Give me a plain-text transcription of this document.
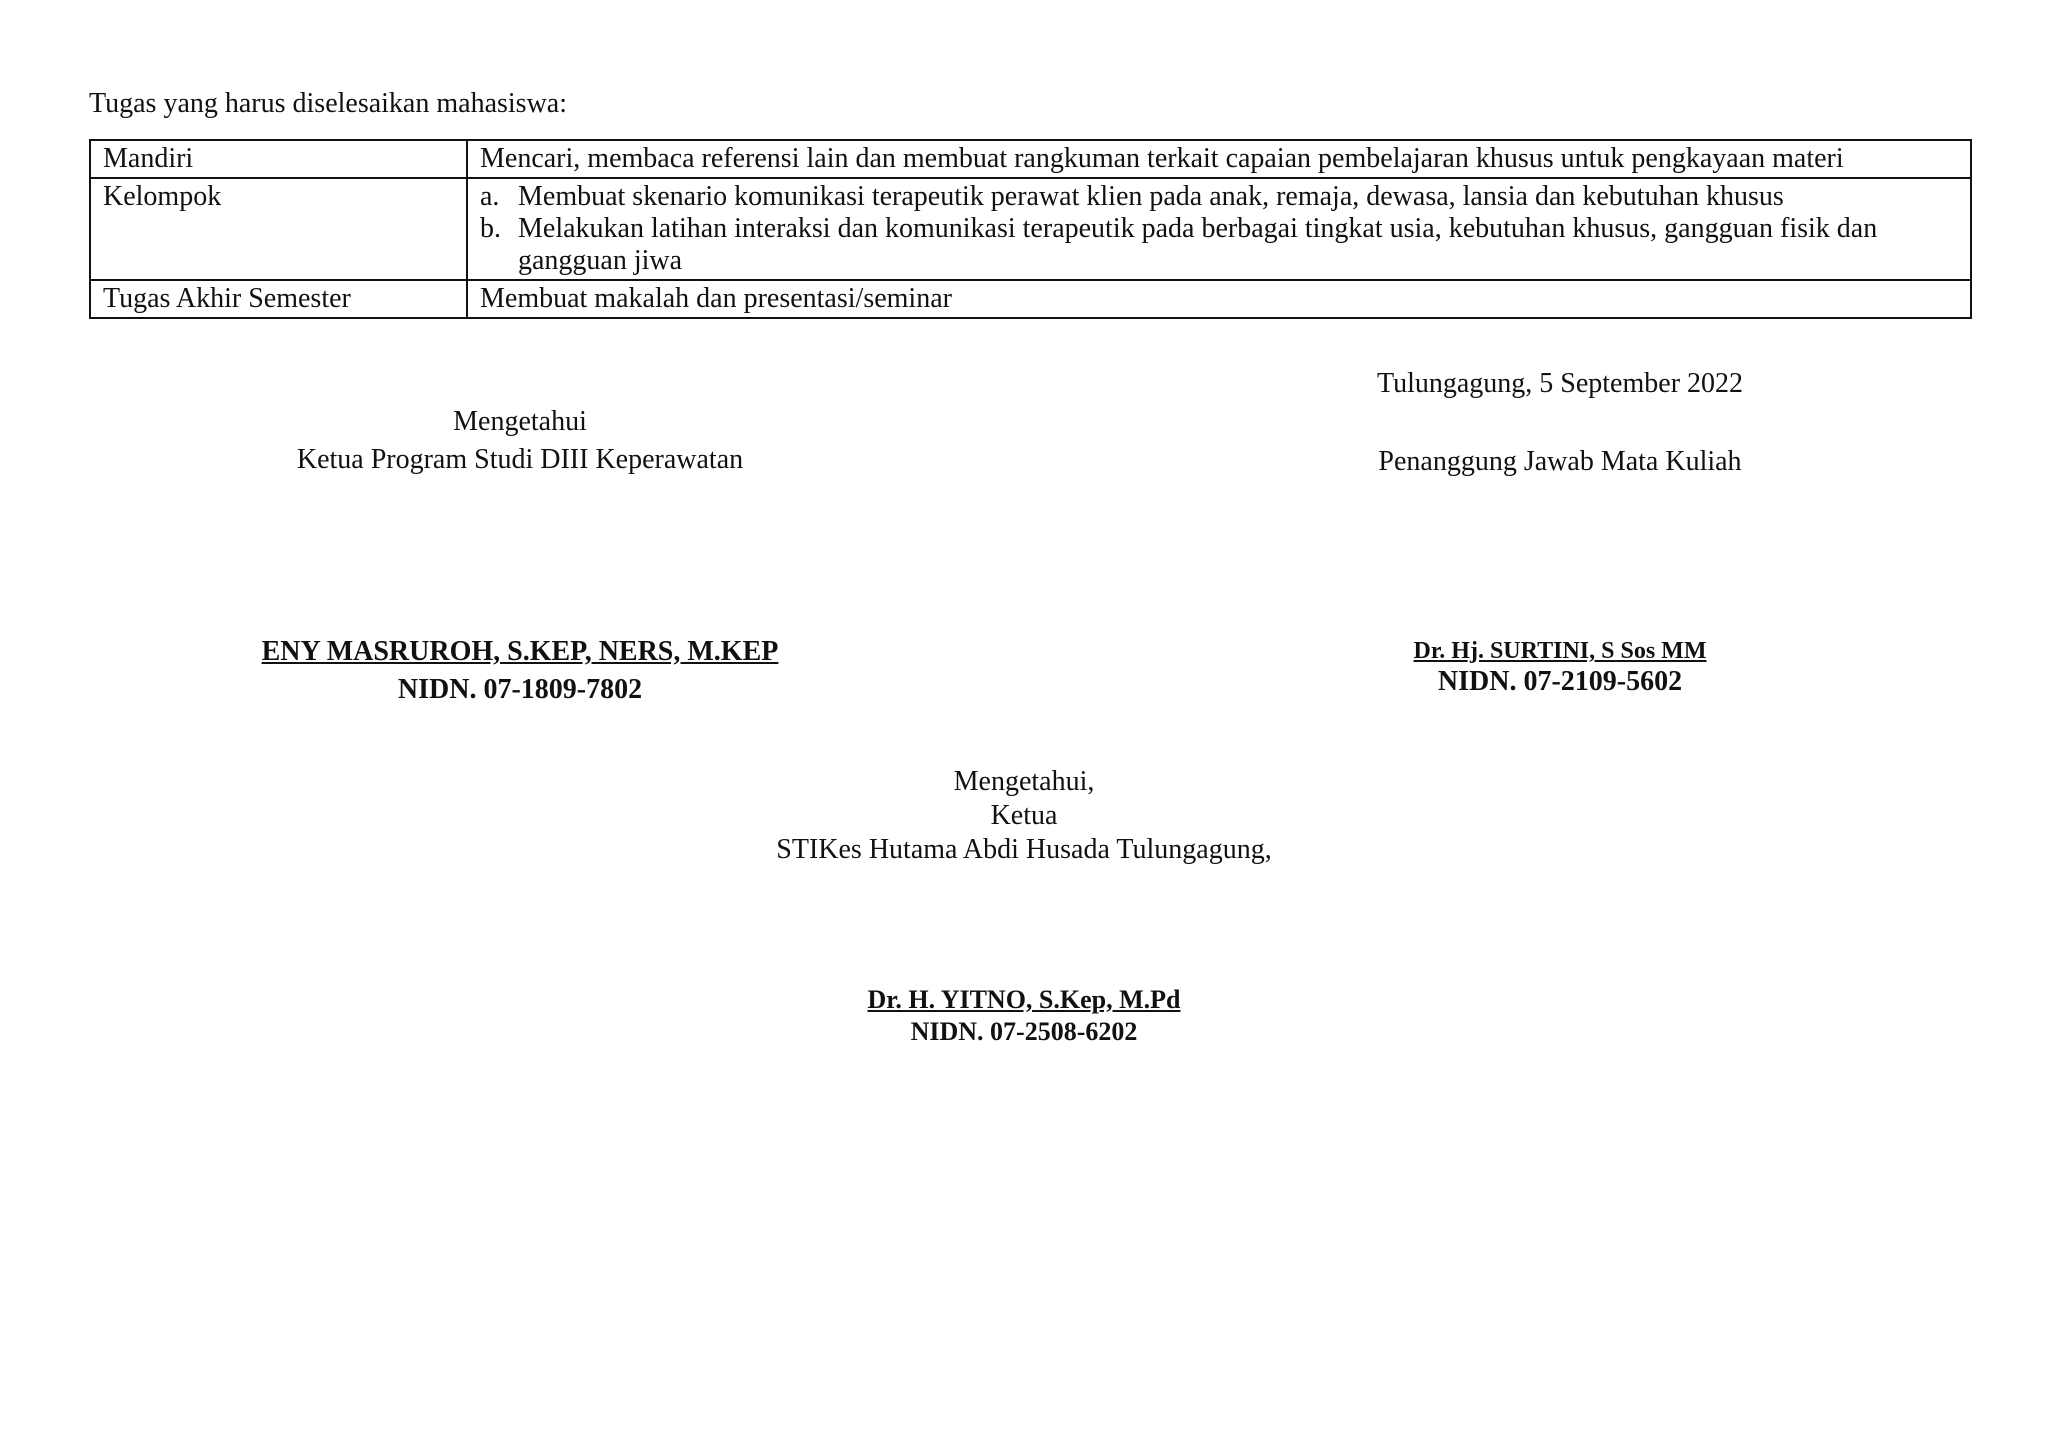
Tugas yang harus diselesaikan mahasiswa:
Mandiri	Mencari, membaca referensi lain dan membuat rangkuman terkait capaian pembelajaran khusus untuk pengkayaan materi
Kelompok	a. Membuat skenario komunikasi terapeutik perawat klien pada anak, remaja, dewasa, lansia dan kebutuhan khusus
b. Melakukan latihan interaksi dan komunikasi terapeutik pada berbagai tingkat usia, kebutuhan khusus, gangguan fisik dan gangguan jiwa

Tugas Akhir Semester	Membuat makalah dan presentasi/seminar
Tulungagung, 5 September 2022
Mengetahui
Ketua Program Studi DIII Keperawatan
ENY MASRUROH, S.KEP, NERS, M.KEP
NIDN. 07-1809-7802
Penanggung Jawab Mata Kuliah
Dr. Hj. SURTINI, S Sos MM
NIDN. 07-2109-5602
Mengetahui,
Ketua
STIKes Hutama Abdi Husada Tulungagung,
Dr. H. YITNO, S.Kep, M.Pd
NIDN. 07-2508-6202
